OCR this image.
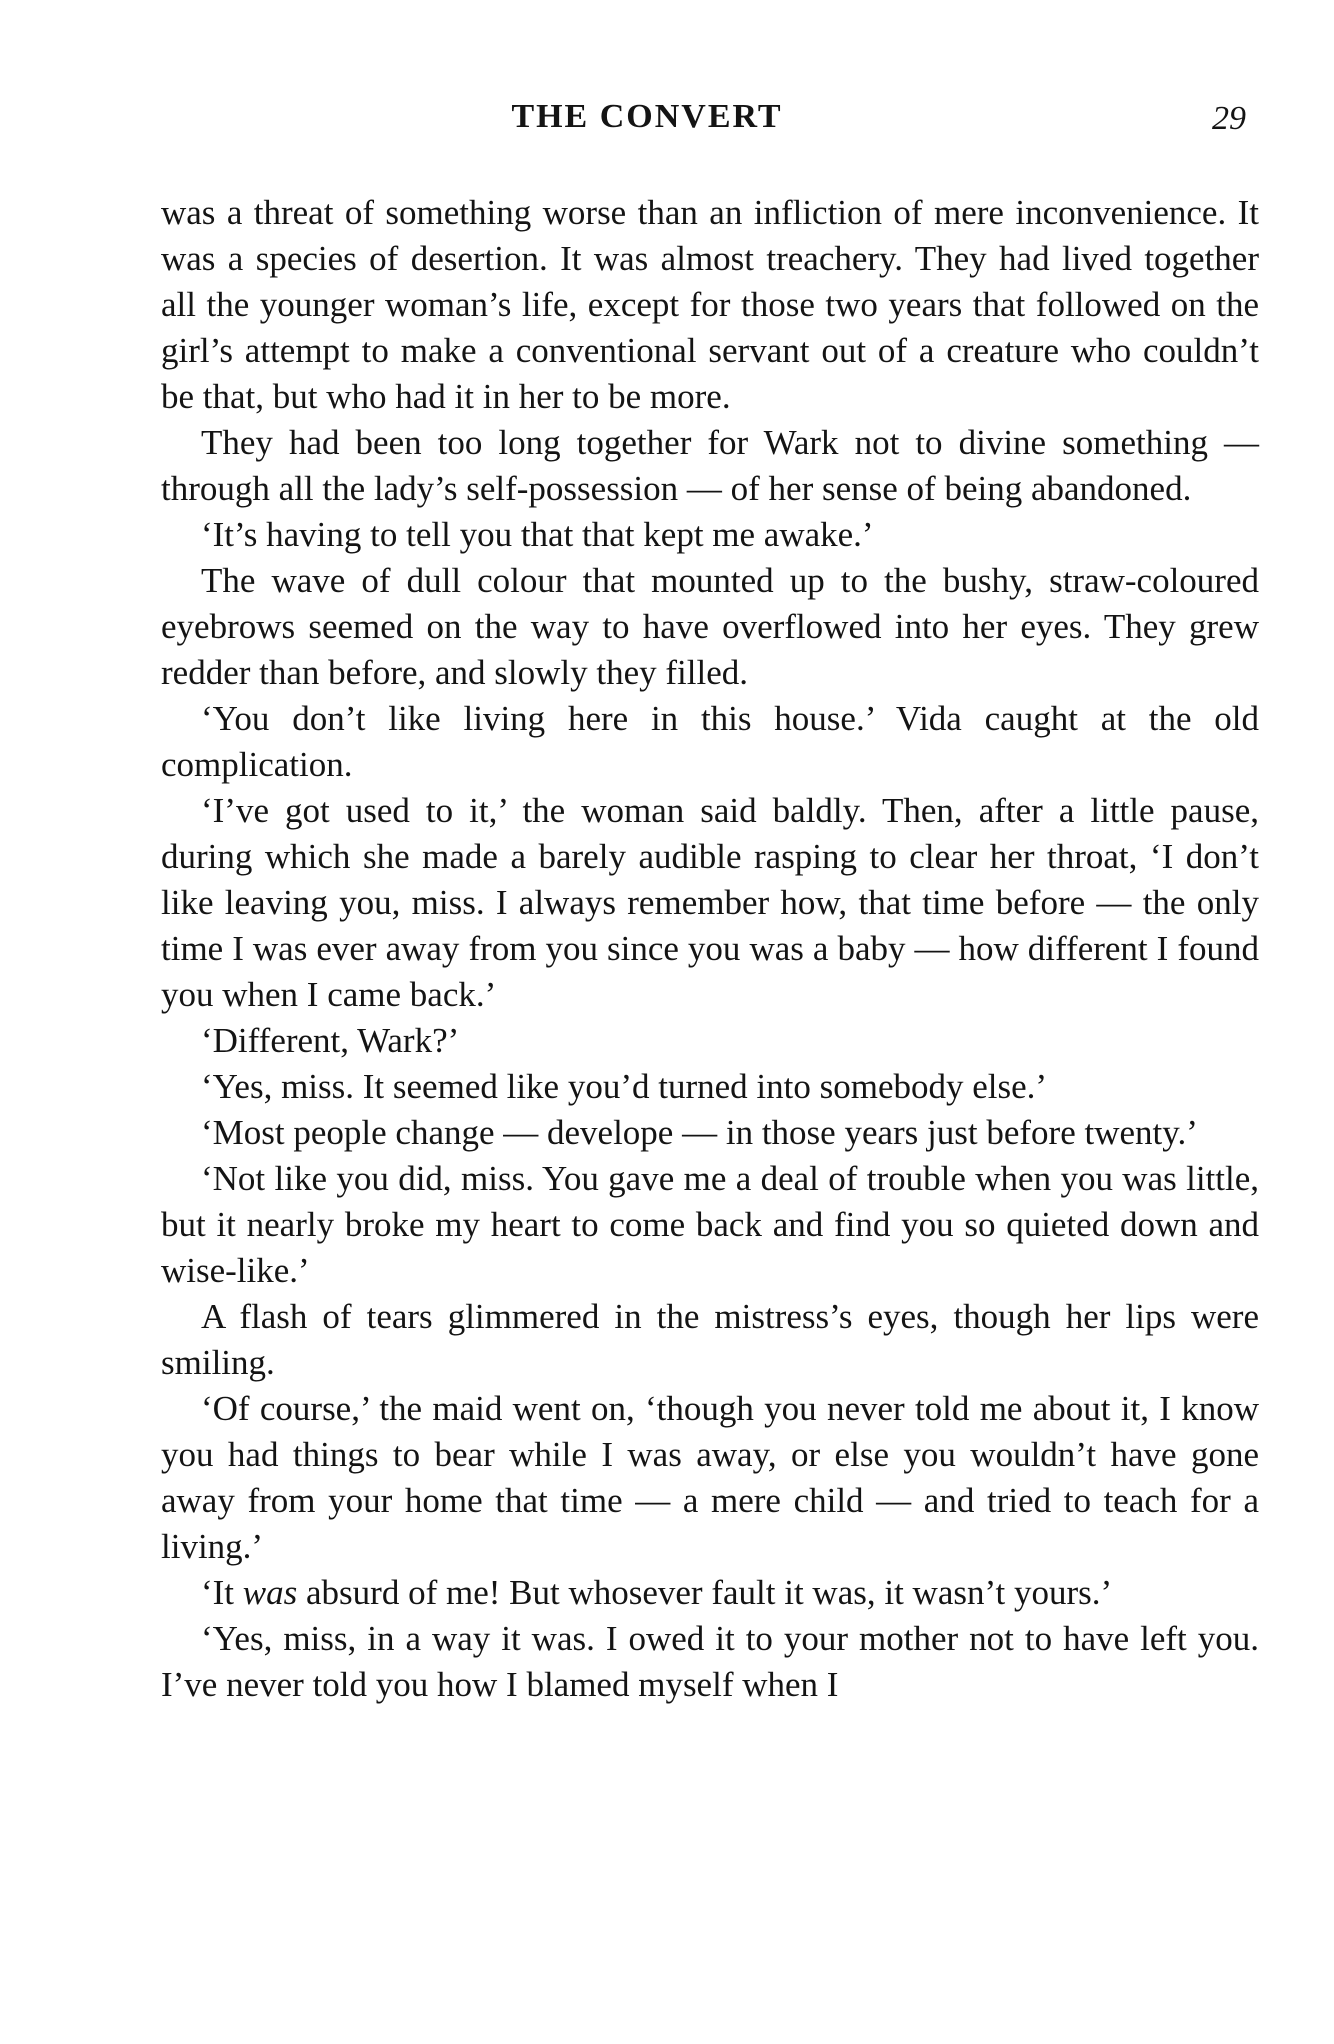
THE CONVERT	29

was a threat of something worse than an infliction of mere inconvenience. It was a species of desertion. It was almost treachery. They had lived together all the younger woman’s life, except for those two years that followed on the girl’s attempt to make a conventional servant out of a creature who couldn’t be that, but who had it in her to be more.

They had been too long together for Wark not to divine something — through all the lady’s self-possession — of her sense of being abandoned.

‘It’s having to tell you that that kept me awake.’

The wave of dull colour that mounted up to the bushy, straw-coloured eyebrows seemed on the way to have overflowed into her eyes. They grew redder than before, and slowly they filled.

‘You don’t like living here in this house.’ Vida caught at the old complication.

‘I’ve got used to it,’ the woman said baldly. Then, after a little pause, during which she made a barely audible rasping to clear her throat, ‘I don’t like leaving you, miss. I always remember how, that time before — the only time I was ever away from you since you was a baby — how different I found you when I came back.’

‘Different, Wark?’

‘Yes, miss. It seemed like you’d turned into somebody else.’

‘Most people change — develope — in those years just before twenty.’

‘Not like you did, miss. You gave me a deal of trouble when you was little, but it nearly broke my heart to come back and find you so quieted down and wise-like.’

A flash of tears glimmered in the mistress’s eyes, though her lips were smiling.

‘Of course,’ the maid went on, ‘though you never told me about it, I know you had things to bear while I was away, or else you wouldn’t have gone away from your home that time — a mere child — and tried to teach for a living.’

‘It was absurd of me! But whosever fault it was, it wasn’t yours.’

‘Yes, miss, in a way it was. I owed it to your mother not to have left you. I’ve never told you how I blamed myself when I
